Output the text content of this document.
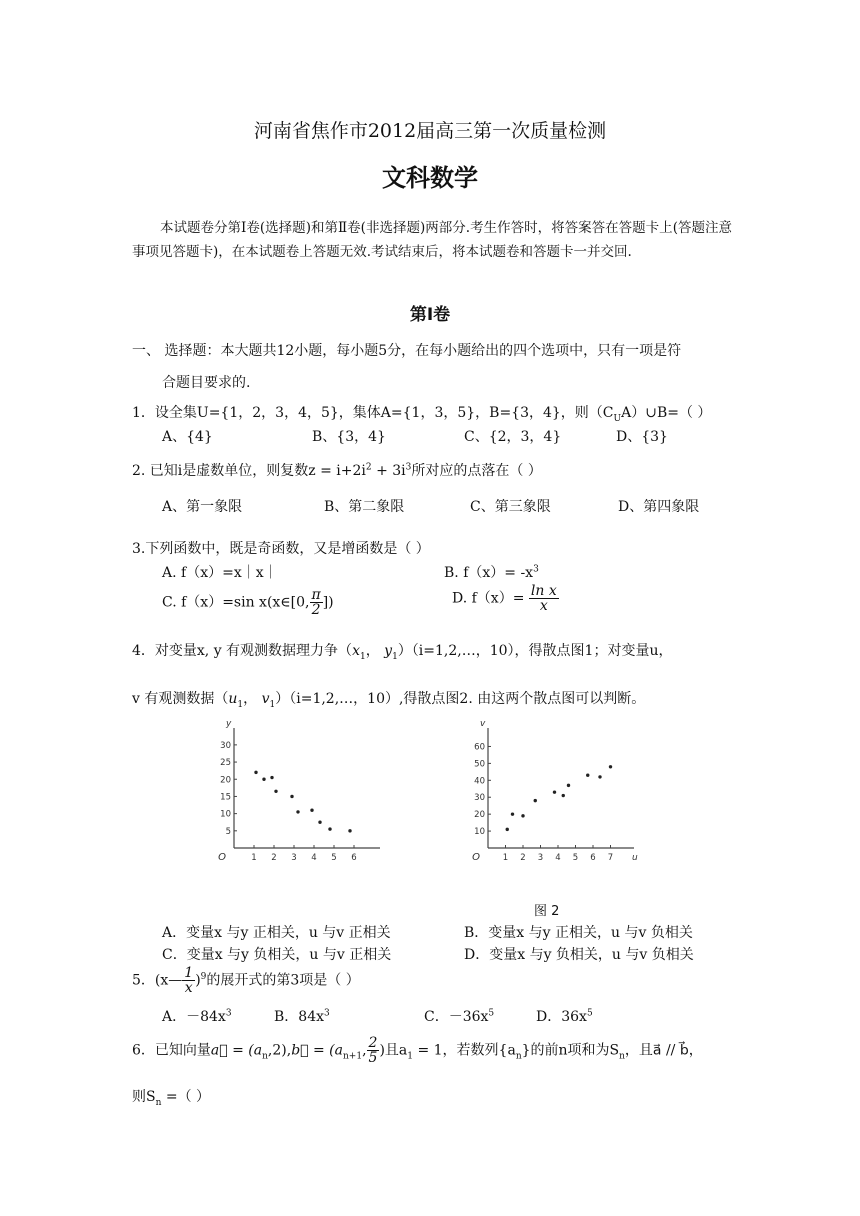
河南省焦作市2012届高三第一次质量检测
文科数学
本试题卷分第Ⅰ卷(选择题)和第Ⅱ卷(非选择题)两部分.考生作答时，将答案答在答题卡上(答题注意事项见答题卡)，在本试题卷上答题无效.考试结束后，将本试题卷和答题卡一并交回.
第Ⅰ卷
一、 选择题：本大题共12小题，每小题5分，在每小题给出的四个选项中，只有一项是符
合题目要求的.
1．设全集U={1，2，3，4，5}，集体A={1，3，5}，B={3，4}，则$(C_UA)\cup B=$（ ）
A、{4}	B、{3，4}	C、{2，3，4}	D、{3}
2. 已知i是虚数单位，则复数$z = i+2i^2 + 3i^3$所对应的点落在（ ）
A、第一象限	B、第二象限	C、第三象限	D、第四象限
3.下列函数中，既是奇函数，又是增函数是（ ）
A. f（x）=x｜x｜	B. $f(x)= -x^3$
C. f（x）=sin x(x∈[0, $\frac{\pi}{2}$ ])	D. $f(x)= \frac{\text{ln x}}{x}$
4．对变量x, y 有观测数据理力争（$x_1$， $y_1)(i=1,2,\dots$，10），得散点图1；对变量u，
v 有观测数据（$u_1$， $v_1)(i=1,2,\dots$，10）,得散点图2. 由这两个散点图可以判断。
y
5
10
15
20
25
30
O	1 2 3 4 5 6
v
u
10
20
30
40
50
60
O	1 2 3 4 5 6 7
图 2
A．变量x 与y 正相关，u 与v 正相关	B．变量x 与y 正相关，u 与v 负相关
C．变量x 与y 负相关，u 与v 正相关	D．变量x 与y 负相关，u 与v 负相关
5．(x— $\frac{1}{x} )^9$的展开式的第3项是（ ）
A．$-84x^3$	B．$84x^3$	C．$-36x^5$	D．$36x^5$
6．已知向量a⃗ = $(a_n,2),b⃗ = (a_{n+1}$, $\frac{2}{5}$ )且$a_1 = 1$，若数列$\{a_n\}$的前n项和为$S_n$，且a⃗ // b⃗，
则$S_n$ =（ ）
